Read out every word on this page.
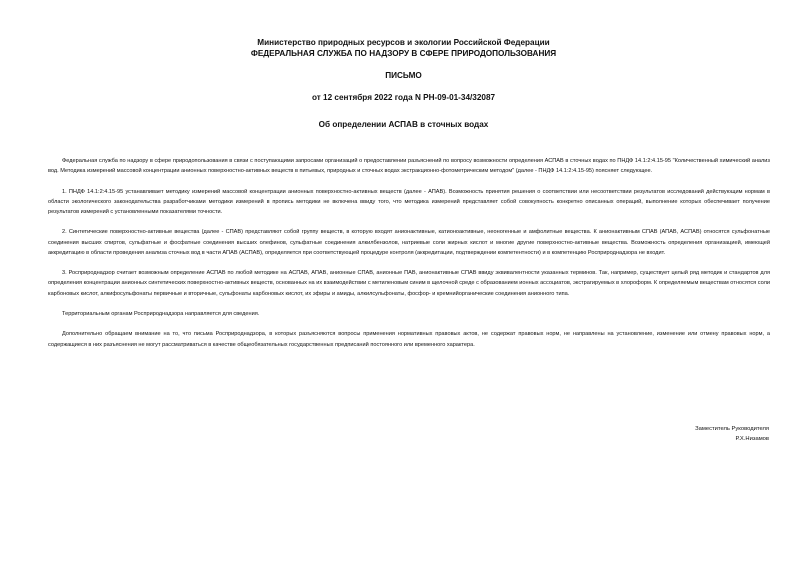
Министерство природных ресурсов и экологии Российской Федерации
ФЕДЕРАЛЬНАЯ СЛУЖБА ПО НАДЗОРУ В СФЕРЕ ПРИРОДОПОЛЬЗОВАНИЯ
ПИСЬМО
от 12 сентября 2022 года N РН-09-01-34/32087
Об определении АСПАВ в сточных водах

Федеральная служба по надзору в сфере природопользования в связи с поступающими запросами организаций о предоставлении разъяснений по вопросу возможности определения АСПАВ в сточных водах по ПНДФ 14.1:2:4.15-95 "Количественный химический анализ вод. Методика измерений массовой концентрации анионных поверхностно-активных веществ в питьевых, природных и сточных водах экстракционно-фотометрическим методом" (далее - ПНДФ 14.1:2:4.15-95) поясняет следующее.

1. ПНДФ 14.1:2:4.15-95 устанавливает методику измерений массовой концентрации анионных поверхностно-активных веществ (далее - АПАВ). Возможность принятия решения о соответствии или несоответствии результатов исследований действующим нормам в области экологического законодательства разработчиками методики измерений в пропись методики не включена ввиду того, что методика измерений представляет собой совокупность конкретно описанных операций, выполнение которых обеспечивает получение результатов измерений с установленными показателями точности.

2. Синтетические поверхностно-активные вещества (далее - СПАВ) представляют собой группу веществ, в которую входят анионактивные, катионоактивные, неоногенные и амфолитные вещества. К анионактивным СПАВ (АПАВ, АСПАВ) относятся сульфонатные соединения высших спиртов, сульфатные и фосфатные соединения высших олефинов, сульфатные соединения алкилбензолов, натриевые соли жирных кислот и многие другие поверхностно-активные вещества. Возможность определения организацией, имеющей аккредитацию в области проведения анализа сточных вод в части АПАВ (АСПАВ), определяется при соответствующей процедуре контроля (аккредитации, подтверждении компетентности) и в компетенцию Росприроднадзора не входит.

3. Росприроднадзор считает возможным определение АСПАВ по любой методике на АСПАВ, АПАВ, анионные СПАВ, анионные ПАВ, анионактивные СПАВ ввиду эквивалентности указанных терминов. Так, например, существует целый ряд методик и стандартов для определения концентрации анионных синтетических поверхностно-активных веществ, основанных на их взаимодействии с метиленовым синим в щелочной среде с образованием ионных ассоциатов, экстрагируемых в хлороформ. К определяемым веществам относятся соли карбоновых кислот, алкифосульфонаты первичные и вторичные, сульфонаты карбоновых кислот, их эфиры и амиды, алкилсульфонаты, фосфор- и кремнийорганические соединения анионного типа.

Территориальным органам Росприроднадзора направляется для сведения.

Дополнительно обращаем внимание на то, что письма Росприроднадзора, в которых разъясняются вопросы применения нормативных правовых актов, не содержат правовых норм, не направлены на установление, изменение или отмену правовых норм, а содержащиеся в них разъяснения не могут рассматриваться в качестве общеобязательных государственных предписаний постоянного или временного характера.

Заместитель Руководителя
Р.Х.Низамов
